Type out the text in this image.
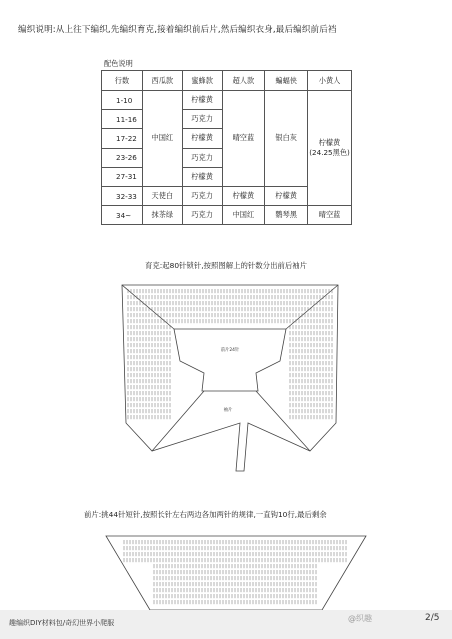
编织说明:从上往下编织,先编织育克,接着编织前后片,然后编织衣身,最后编织前后裆
配色说明
行数	西瓜款	蜜蜂款	超人款	蝙蝠侠	小黄人
1-10	中国红	柠檬黄	晴空蓝	银白灰	柠檬黄
(24.25黑色)
11-16		巧克力			
17-22		柠檬黄			
23-26		巧克力			
27-31		柠檬黄			
32-33	天使白	巧克力	柠檬黄	柠檬黄	
34~	抹茶绿	巧克力	中国红	鹦琴黑	晴空蓝
育克:起80针锁针,按照图解上的针数分出前后袖片
前片24针
袖片
前片:挑44针短针,按照长针左右两边各加两针的规律,一直钩10行,最后剩余
趣编织DIY材料包/奇幻世界小爬服	@织趣	2/5
